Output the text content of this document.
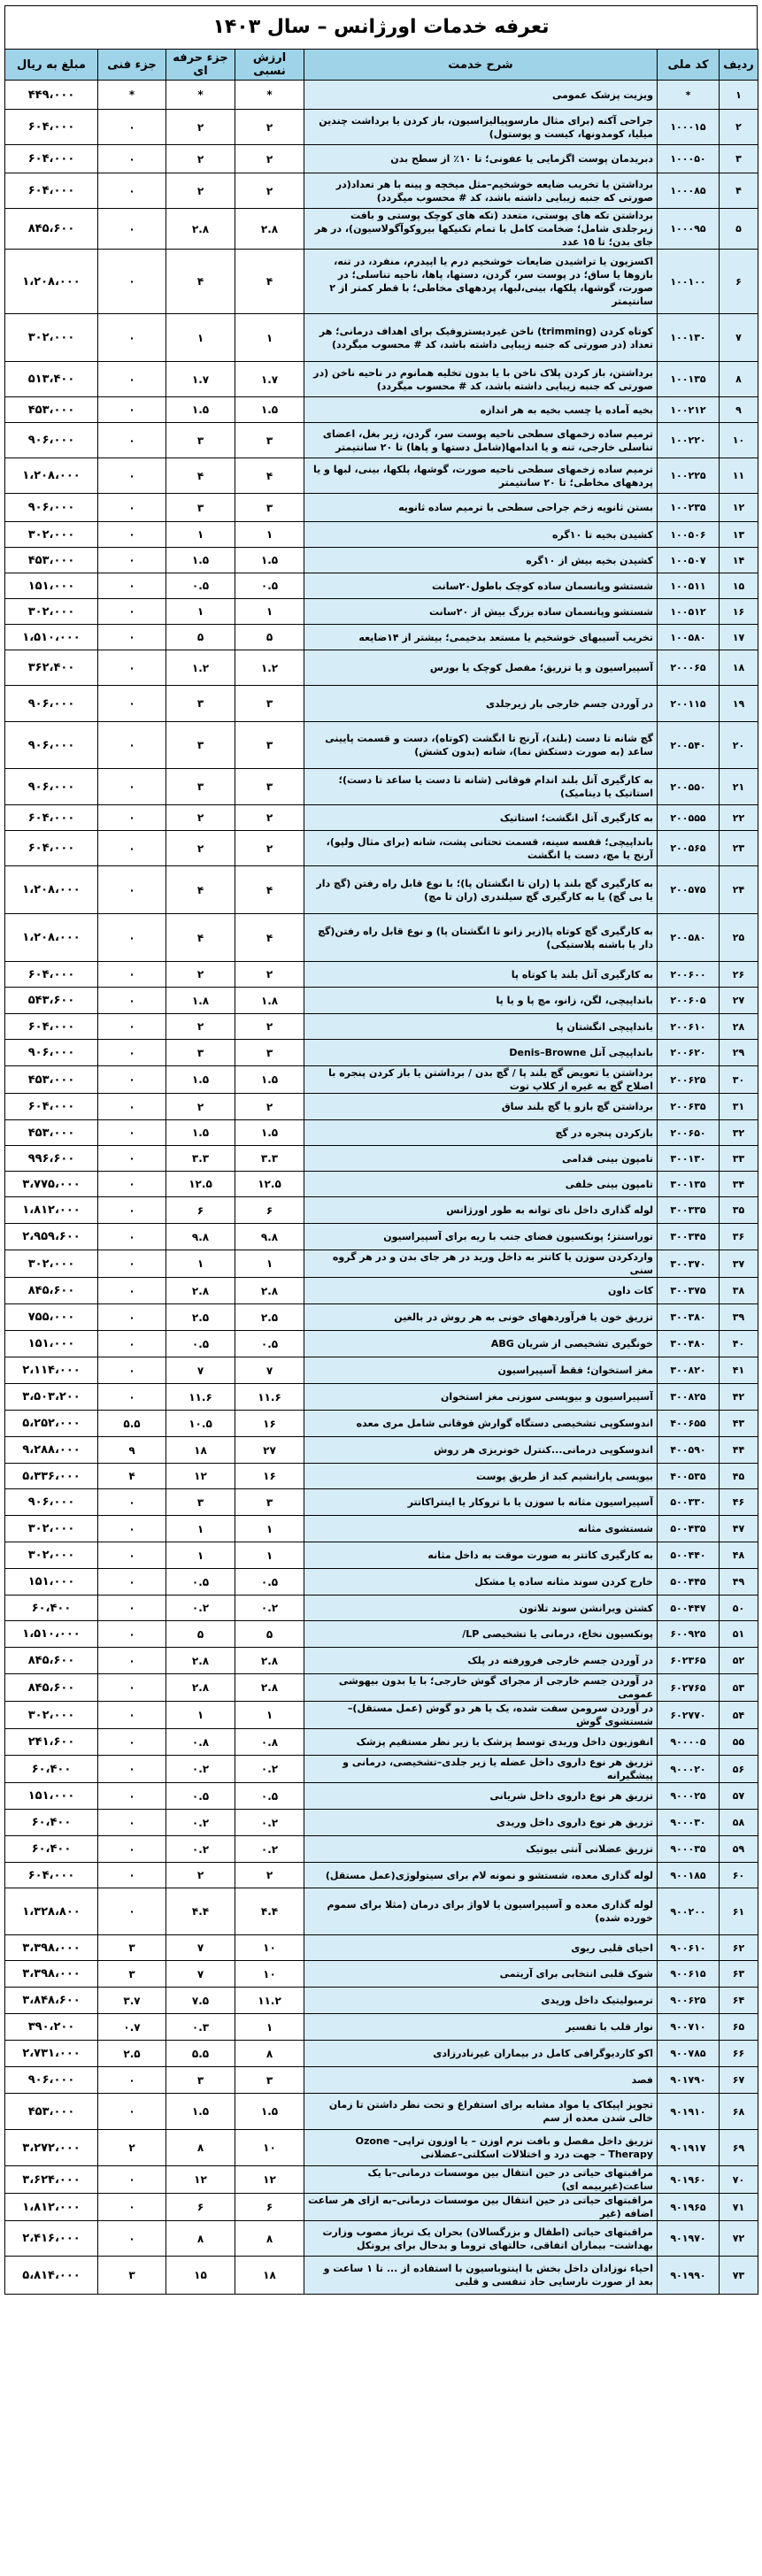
تعرفه خدمات اورژانس – سال ۱۴۰۳
ردیف	کد ملی	شرح خدمت	ارزش نسبی	جزء حرفه ای	جزء فنی	مبلغ به ریال
۱	*	ویزیت پزشک عمومی	*	*	*	۴۴۹،۰۰۰
۲	۱۰۰۰۱۵	جراحی آکنه (برای مثال مارسوپیالیزاسیون، باز کردن یا برداشت چندین میلیا، کومدونها، کیست و پوستول)	۲	۲	۰	۶۰۴،۰۰۰
۳	۱۰۰۰۵۰	دبریدمان پوست اگزمایی یا عفونی؛ تا ۱۰٪ از سطح بدن	۲	۲	۰	۶۰۴،۰۰۰
۴	۱۰۰۰۸۵	برداشتن یا تخریب ضایعه خوشخیم–مثل میخچه و پینه با هر تعداد(در صورتی که جنبه زیبایی داشته باشد، کد # محسوب میگردد)	۲	۲	۰	۶۰۴،۰۰۰
۵	۱۰۰۰۹۵	برداشتن تکه های پوستی، متعدد (تکه های کوچک پوستی و بافت زیرجلدی شامل؛ ضخامت کامل با تمام تکنیکها بیروکوآگولاسیون)، در هر جای بدن؛ تا ۱۵ عدد	۲.۸	۲.۸	۰	۸۴۵،۶۰۰
۶	۱۰۰۱۰۰	اکسزیون یا تراشیدن ضایعات خوشخیم درم یا اپیدرم، منفرد، در تنه، بازوها یا ساق؛ در پوست سر، گردن، دستها، پاها، ناحیه تناسلی؛ در صورت، گوشها، پلکها، بینی،لبها، پردههای مخاطی؛ با قطر کمتر از ۲ سانتیمتر	۴	۴	۰	۱،۲۰۸،۰۰۰
۷	۱۰۰۱۳۰	کوتاه کردن (trimming) ناخن غیردیستروفیک برای اهداف درمانی؛ هر تعداد (در صورتی که جنبه زیبایی داشته باشد، کد # محسوب میگردد)	۱	۱	۰	۳۰۲،۰۰۰
۸	۱۰۰۱۳۵	برداشتن، باز کردن پلاک ناخن با یا بدون تخلیه همانوم در ناحیه ناخن (در صورتی که جنبه زیبایی داشته باشد، کد # محسوب میگردد)	۱.۷	۱.۷	۰	۵۱۳،۴۰۰
۹	۱۰۰۲۱۲	بخیه آماده یا چسب بخیه به هر اندازه	۱.۵	۱.۵	۰	۴۵۳،۰۰۰
۱۰	۱۰۰۲۲۰	ترمیم ساده زخمهای سطحی ناحیه پوست سر، گردن، زیر بغل، اعضای تناسلی خارجی، تنه و یا اندامها(شامل دستها و پاها) تا ۲۰ سانتیمتر	۳	۳	۰	۹۰۶،۰۰۰
۱۱	۱۰۰۲۲۵	ترمیم ساده زخمهای سطحی ناحیه صورت، گوشها، پلکها، بینی، لبها و یا پردههای مخاطی؛ تا ۲۰ سانتیمتر	۴	۴	۰	۱،۲۰۸،۰۰۰
۱۲	۱۰۰۲۳۵	بستن ثانویه زخم جراحی سطحی با ترمیم ساده ثانویه	۳	۳	۰	۹۰۶،۰۰۰
۱۳	۱۰۰۵۰۶	کشیدن بخیه تا ۱۰گره	۱	۱	۰	۳۰۲،۰۰۰
۱۴	۱۰۰۵۰۷	کشیدن بخیه بیش از ۱۰گره	۱.۵	۱.۵	۰	۴۵۳،۰۰۰
۱۵	۱۰۰۵۱۱	شستشو وپانسمان ساده کوچک باطول۲۰سانت	۰.۵	۰.۵	۰	۱۵۱،۰۰۰
۱۶	۱۰۰۵۱۲	شستشو وپانسمان ساده بزرگ بیش از ۲۰سانت	۱	۱	۰	۳۰۲،۰۰۰
۱۷	۱۰۰۵۸۰	تخریب آسیبهای خوشخیم یا مستعد بدخیمی؛ بیشتر از ۱۴ضایعه	۵	۵	۰	۱،۵۱۰،۰۰۰
۱۸	۲۰۰۰۶۵	آسپیراسیون و یا تزریق؛ مفصل کوچک یا بورس	۱.۲	۱.۲	۰	۳۶۲،۴۰۰
۱۹	۲۰۰۱۱۵	در آوردن جسم خارجی بار زیرجلدی	۳	۳	۰	۹۰۶،۰۰۰
۲۰	۲۰۰۵۴۰	گچ شانه تا دست (بلند)، آرنج تا انگشت (کوتاه)، دست و قسمت پایینی ساعد (به صورت دستکش نما)، شانه (بدون کشش)	۳	۳	۰	۹۰۶،۰۰۰
۲۱	۲۰۰۵۵۰	به کارگیری آتل بلند اندام فوقانی (شانه تا دست یا ساعد تا دست)؛ استاتیک یا دینامیک)	۳	۳	۰	۹۰۶،۰۰۰
۲۲	۲۰۰۵۵۵	به کارگیری آتل انگشت؛ استاتیک	۲	۲	۰	۶۰۴،۰۰۰
۲۳	۲۰۰۵۶۵	بانداپیچی؛ قفسه سینه، قسمت تحتانی پشت، شانه (برای مثال ولپو)، آرنج یا مچ، دست یا انگشت	۲	۲	۰	۶۰۴،۰۰۰
۲۴	۲۰۰۵۷۵	به کارگیری گچ بلند پا (ران تا انگشتان پا)؛ با نوع قابل راه رفتن (گچ دار یا بی گچ) یا به کارگیری گچ سیلندری (ران تا مچ)	۴	۴	۰	۱،۲۰۸،۰۰۰
۲۵	۲۰۰۵۸۰	به کارگیری گچ کوتاه پا(زیر زانو تا انگشتان پا) و نوع قابل راه رفتن(گچ دار یا باشنه پلاستیکی)	۴	۴	۰	۱،۲۰۸،۰۰۰
۲۶	۲۰۰۶۰۰	به کارگیری آتل بلند یا کوتاه پا	۲	۲	۰	۶۰۴،۰۰۰
۲۷	۲۰۰۶۰۵	بانداپیچی، لگن، زانو، مچ پا و یا پا	۱.۸	۱.۸	۰	۵۴۳،۶۰۰
۲۸	۲۰۰۶۱۰	بانداپیچی انگشتان پا	۲	۲	۰	۶۰۴،۰۰۰
۲۹	۲۰۰۶۲۰	بانداپیچی آتل Denis–Browne	۳	۳	۰	۹۰۶،۰۰۰
۳۰	۲۰۰۶۲۵	برداشتن یا تعویض گچ بلند پا / گچ بدن / برداشتن یا باز کردن پنجره با اصلاح گچ به غیره از کلاپ توت	۱.۵	۱.۵	۰	۴۵۳،۰۰۰
۳۱	۲۰۰۶۳۵	برداشتن گچ بازو یا گچ بلند ساق	۲	۲	۰	۶۰۴،۰۰۰
۳۲	۲۰۰۶۵۰	بازکردن پنجره در گچ	۱.۵	۱.۵	۰	۴۵۳،۰۰۰
۳۳	۳۰۰۱۳۰	تامپون بینی قدامی	۳.۳	۳.۳	۰	۹۹۶،۶۰۰
۳۴	۳۰۰۱۳۵	تامپون بینی خلفی	۱۲.۵	۱۲.۵	۰	۳،۷۷۵،۰۰۰
۳۵	۳۰۰۳۳۵	لوله گذاری داخل نای توانه به طور اورژانس	۶	۶	۰	۱،۸۱۲،۰۰۰
۳۶	۳۰۰۳۴۵	توراسنتز؛ پونکسیون فضای جنب با ریه برای آسپیراسیون	۹.۸	۹.۸	۰	۲،۹۵۹،۶۰۰
۳۷	۳۰۰۳۷۰	واردکردن سوزن یا کاتتر به داخل ورید در هر جای بدن و در هر گروه سنی	۱	۱	۰	۳۰۲،۰۰۰
۳۸	۳۰۰۳۷۵	کات داون	۲.۸	۲.۸	۰	۸۴۵،۶۰۰
۳۹	۳۰۰۳۸۰	تزریق خون یا فرآوردههای خونی به هر روش در بالغین	۲.۵	۲.۵	۰	۷۵۵،۰۰۰
۴۰	۳۰۰۴۸۰	خونگیری تشخیصی از شریان ABG	۰.۵	۰.۵	۰	۱۵۱،۰۰۰
۴۱	۳۰۰۸۲۰	مغز استخوان؛ فقط آسپیراسیون	۷	۷	۰	۲،۱۱۴،۰۰۰
۴۲	۳۰۰۸۲۵	آسپیراسیون و بیوپسی سوزنی مغز استخوان	۱۱.۶	۱۱.۶	۰	۳،۵۰۳،۲۰۰
۴۳	۴۰۰۶۵۵	اندوسکوپی تشخیصی دستگاه گوارش فوقانی شامل مری معده	۱۶	۱۰.۵	۵.۵	۵،۲۵۲،۰۰۰
۴۴	۴۰۰۵۹۰	اندوسکوپی درمانی...کنترل خونریزی هر روش	۲۷	۱۸	۹	۹،۲۸۸،۰۰۰
۴۵	۴۰۰۵۳۵	بیوپسی پارانشیم کبد از طریق پوست	۱۶	۱۲	۴	۵،۳۳۶،۰۰۰
۴۶	۵۰۰۳۳۰	آسپیراسیون مثانه با سوزن یا با تروکار یا اینتراکاتتر	۳	۳	۰	۹۰۶،۰۰۰
۴۷	۵۰۰۴۳۵	شستشوی مثانه	۱	۱	۰	۳۰۲،۰۰۰
۴۸	۵۰۰۴۴۰	به کارگیری کاتتر به صورت موقت به داخل مثانه	۱	۱	۰	۳۰۲،۰۰۰
۴۹	۵۰۰۴۴۵	خارج کردن سوند مثانه ساده یا مشکل	۰.۵	۰.۵	۰	۱۵۱،۰۰۰
۵۰	۵۰۰۴۴۷	کشتن ویرانشن سوند تلاتون	۰.۲	۰.۲	۰	۶۰،۴۰۰
۵۱	۶۰۰۹۲۵	پونکسیون نخاع، درمانی یا تشخیصی LP/	۵	۵	۰	۱،۵۱۰،۰۰۰
۵۲	۶۰۲۳۶۵	در آوردن جسم خارجی فرورفته در پلک	۲.۸	۲.۸	۰	۸۴۵،۶۰۰
۵۳	۶۰۲۷۶۵	در آوردن جسم خارجی از مجرای گوش خارجی؛ با یا بدون بیهوشی عمومی	۲.۸	۲.۸	۰	۸۴۵،۶۰۰
۵۴	۶۰۲۷۷۰	در آوردن سرومن سفت شده، یک یا هر دو گوش (عمل مستقل)– شستشوی گوش	۱	۱	۰	۳۰۲،۰۰۰
۵۵	۹۰۰۰۰۵	انفوزیون داخل وریدی توسط پزشک یا زیر نظر مستقیم پزشک	۰.۸	۰.۸	۰	۲۴۱،۶۰۰
۵۶	۹۰۰۰۲۰	تزریق هر نوع داروی داخل عضله یا زیر جلدی–تشخیصی، درمانی و پیشگیرانه	۰.۲	۰.۲	۰	۶۰،۴۰۰
۵۷	۹۰۰۰۲۵	تزریق هر نوع داروی داخل شریانی	۰.۵	۰.۵	۰	۱۵۱،۰۰۰
۵۸	۹۰۰۰۳۰	تزریق هر نوع داروی داخل وریدی	۰.۲	۰.۲	۰	۶۰،۴۰۰
۵۹	۹۰۰۰۳۵	تزریق عضلانی آنتی بیوتیک	۰.۲	۰.۲	۰	۶۰،۴۰۰
۶۰	۹۰۰۱۸۵	لوله گذاری معده، شستشو و نمونه لام برای سیتولوژی(عمل مستقل)	۲	۲	۰	۶۰۴،۰۰۰
۶۱	۹۰۰۲۰۰	لوله گذاری معده و آسپیراسیون یا لاواژ برای درمان (مثلا برای سموم خورده شده)	۴.۴	۴.۴	۰	۱،۳۲۸،۸۰۰
۶۲	۹۰۰۶۱۰	احیای قلبی ریوی	۱۰	۷	۳	۳،۳۹۸،۰۰۰
۶۳	۹۰۰۶۱۵	شوک قلبی انتخابی برای آریتمی	۱۰	۷	۳	۳،۳۹۸،۰۰۰
۶۴	۹۰۰۶۲۵	ترمبولیتیک داخل وریدی	۱۱.۲	۷.۵	۳.۷	۳،۸۴۸،۶۰۰
۶۵	۹۰۰۷۱۰	نوار قلب با تفسیر	۱	۰.۳	۰.۷	۳۹۰،۲۰۰
۶۶	۹۰۰۷۸۵	اکو کاردیوگرافی کامل در بیماران غیرنادرزادی	۸	۵.۵	۲.۵	۲،۷۳۱،۰۰۰
۶۷	۹۰۱۷۹۰	فصد	۳	۳	۰	۹۰۶،۰۰۰
۶۸	۹۰۱۹۱۰	تجویز اپیکاک یا مواد مشابه برای استفراغ و تحت نظر داشتن تا زمان خالی شدن معده از سم	۱.۵	۱.۵	۰	۴۵۳،۰۰۰
۶۹	۹۰۱۹۱۷	تزریق داخل مفصل و بافت نرم اوزن – یا اوزون تراپی– Ozone Therapy – جهت درد و اختلالات اسکلتی–عضلانی	۱۰	۸	۲	۳،۲۷۲،۰۰۰
۷۰	۹۰۱۹۶۰	مراقبتهای حیاتی در حین انتقال بین موسسات درمانی–با یک ساعت(غیربیمه ای)	۱۲	۱۲	۰	۳،۶۲۴،۰۰۰
۷۱	۹۰۱۹۶۵	مراقبتهای حیاتی در حین انتقال بین موسسات درمانی–به ازای هر ساعت اضافه (غیر	۶	۶	۰	۱،۸۱۲،۰۰۰
۷۲	۹۰۱۹۷۰	مراقبتهای حیاتی (اطفال و بزرگسالان) بحران یک تریاژ مصوب وزارت بهداشت– بیماران اتفاقی، حالتهای تروما و بدحال برای پروتکل	۸	۸	۰	۲،۴۱۶،۰۰۰
۷۳	۹۰۱۹۹۰	احیاء نوزادان داخل بخش با اینتوباسیون با استفاده از ... تا ۱ ساعت و بعد از صورت نارسایی حاد تنفسی و قلبی	۱۸	۱۵	۳	۵،۸۱۴،۰۰۰
